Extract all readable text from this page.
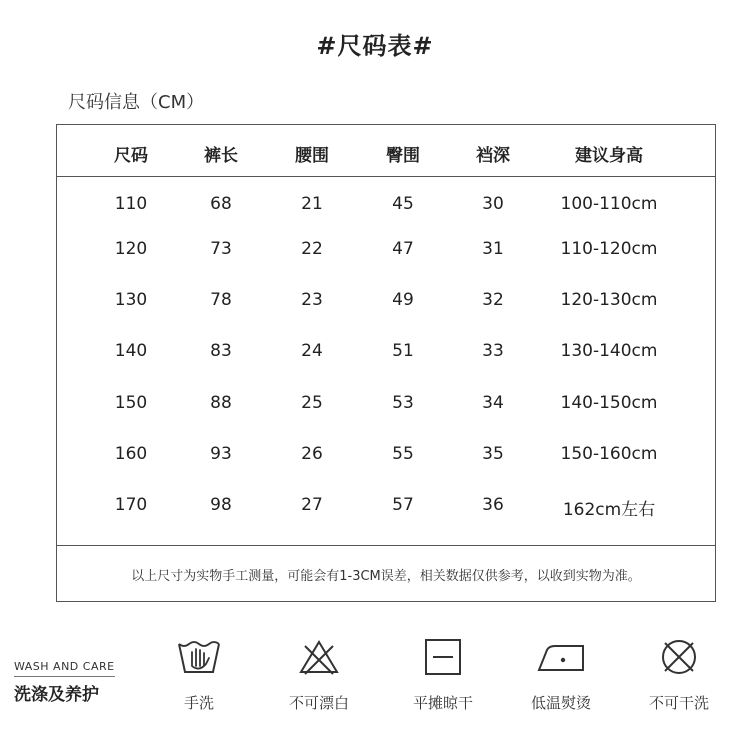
#尺码表#
尺码信息（CM）
尺码	裤长	腰围	臀围	裆深	建议身高
110	68	21	45	30	100-110cm
120	73	22	47	31	110-120cm
130	78	23	49	32	120-130cm
140	83	24	51	33	130-140cm
150	88	25	53	34	140-150cm
160	93	26	55	35	150-160cm
170	98	27	57	36	162cm左右
以上尺寸为实物手工测量，可能会有1-3CM误差，相关数据仅供参考，以收到实物为准。
WASH AND CARE
洗涤及养护	手洗	不可漂白	平摊晾干	低温熨烫	不可干洗
